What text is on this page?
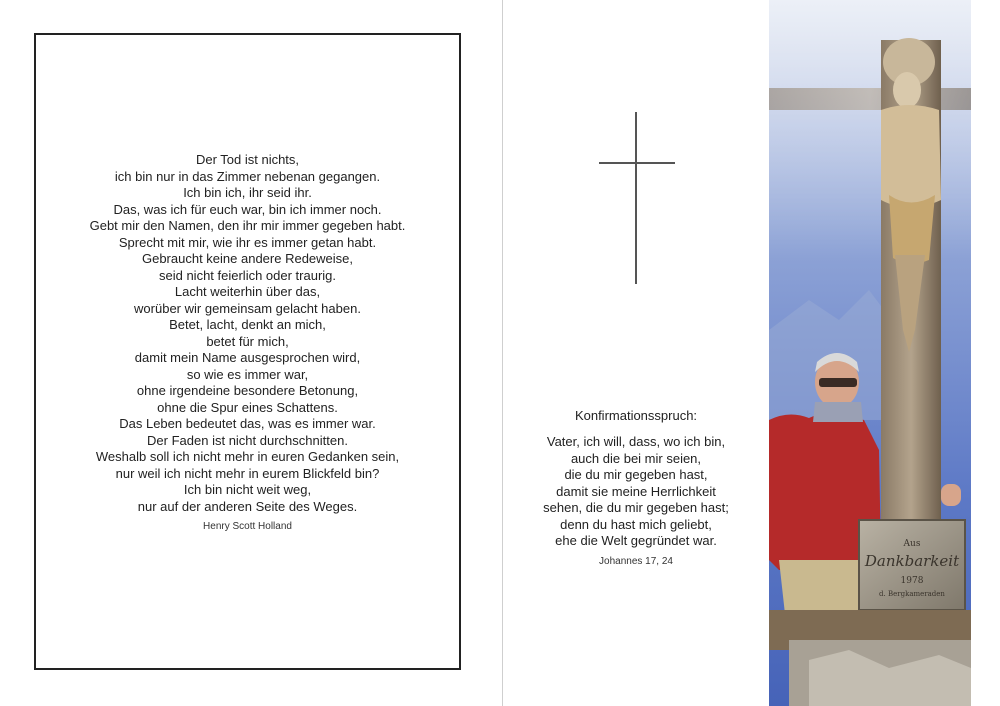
Der Tod ist nichts,
ich bin nur in das Zimmer nebenan gegangen.
Ich bin ich, ihr seid ihr.
Das, was ich für euch war, bin ich immer noch.
Gebt mir den Namen, den ihr mir immer gegeben habt.
Sprecht mit mir, wie ihr es immer getan habt.
Gebraucht keine andere Redeweise,
seid nicht feierlich oder traurig.
Lacht weiterhin über das,
worüber wir gemeinsam gelacht haben.
Betet, lacht, denkt an mich,
betet für mich,
damit mein Name ausgesprochen wird,
so wie es immer war,
ohne irgendeine besondere Betonung,
ohne die Spur eines Schattens.
Das Leben bedeutet das, was es immer war.
Der Faden ist nicht durchschnitten.
Weshalb soll ich nicht mehr in euren Gedanken sein,
nur weil ich nicht mehr in eurem Blickfeld bin?
Ich bin nicht weit weg,
nur auf der anderen Seite des Weges.
Henry Scott Holland
Konfirmationsspruch:
Vater, ich will, dass, wo ich bin,
auch die bei mir seien,
die du mir gegeben hast,
damit sie meine Herrlichkeit
sehen, die du mir gegeben hast;
denn du hast mich geliebt,
ehe die Welt gegründet war.
Johannes 17, 24
Aus
Dankbarkeit
1978
d. Bergkameraden
